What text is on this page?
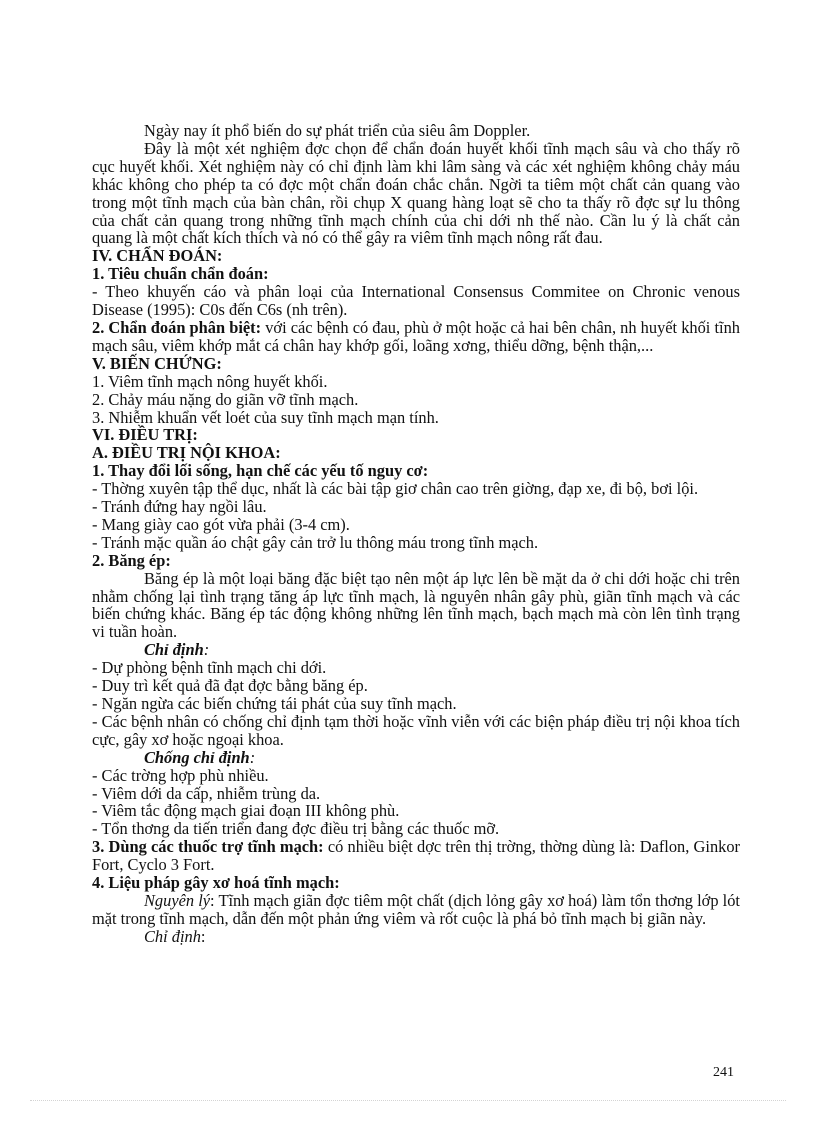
Ngày nay ít phổ biến do sự phát triển của siêu âm Doppler.

Đây là một xét nghiệm đợc chọn để chẩn đoán huyết khối tĩnh mạch sâu và cho thấy rõ cục huyết khối. Xét nghiệm này có chỉ định làm khi lâm sàng và các xét nghiệm không chảy máu khác không cho phép ta có đợc một chẩn đoán chắc chắn. Ngời ta tiêm một chất cản quang vào trong một tĩnh mạch của bàn chân, rồi chụp X quang hàng loạt sẽ cho ta thấy rõ đợc sự lu thông của chất cản quang trong những tĩnh mạch chính của chi dới nh thế nào. Cần lu ý là chất cản quang là một chất kích thích và nó có thể gây ra viêm tĩnh mạch nông rất đau.

IV. CHẨN ĐOÁN:

1. Tiêu chuẩn chẩn đoán:

- Theo khuyến cáo và phân loại của International Consensus Commitee on Chronic venous Disease (1995): C0s đến C6s (nh trên).

2. Chẩn đoán phân biệt: với các bệnh có đau, phù ở một hoặc cả hai bên chân, nh huyết khối tĩnh mạch sâu, viêm khớp mắt cá chân hay khớp gối, loãng xơng, thiểu dỡng, bệnh thận,...

V. BIẾN CHỨNG:

1. Viêm tĩnh mạch nông huyết khối.

2. Chảy máu nặng do giãn vỡ tĩnh mạch.

3. Nhiễm khuẩn vết loét của suy tĩnh mạch mạn tính.

VI. ĐIỀU TRỊ:

A. ĐIỀU TRỊ NỘI KHOA:

1. Thay đổi lối sống, hạn chế các yếu tố nguy cơ:

- Thờng xuyên tập thể dục, nhất là các bài tập giơ chân cao trên giờng, đạp xe, đi bộ, bơi lội.

- Tránh đứng hay ngồi lâu.

- Mang giày cao gót vừa phải (3-4 cm).

- Tránh mặc quần áo chật gây cản trở lu thông máu trong tĩnh mạch.

2. Băng ép:

Băng ép là một loại băng đặc biệt tạo nên một áp lực lên bề mặt da ở chi dới hoặc chi trên nhằm chống lại tình trạng tăng áp lực tĩnh mạch, là nguyên nhân gây phù, giãn tĩnh mạch và các biến chứng khác. Băng ép tác động không những lên tĩnh mạch, bạch mạch mà còn lên tình trạng vi tuần hoàn.

Chỉ định:

- Dự phòng bệnh tĩnh mạch chi dới.

- Duy trì kết quả đã đạt đợc bằng băng ép.

- Ngăn ngừa các biến chứng tái phát của suy tĩnh mạch.

- Các bệnh nhân có chống chỉ định tạm thời hoặc vĩnh viễn với các biện pháp điều trị nội khoa tích cực, gây xơ hoặc ngoại khoa.

Chống chỉ định:

- Các trờng hợp phù nhiều.

- Viêm dới da cấp, nhiễm trùng da.

- Viêm tắc động mạch giai đoạn III không phù.

- Tổn thơng da tiến triển đang đợc điều trị bằng các thuốc mỡ.

3. Dùng các thuốc trợ tĩnh mạch: có nhiều biệt dợc trên thị trờng, thờng dùng là: Daflon, Ginkor Fort, Cyclo 3 Fort.

4. Liệu pháp gây xơ hoá tĩnh mạch:

Nguyên lý: Tĩnh mạch giãn đợc tiêm một chất (dịch lỏng gây xơ hoá) làm tổn thơng lớp lót mặt trong tĩnh mạch, dẫn đến một phản ứng viêm và rốt cuộc là phá bỏ tĩnh mạch bị giãn này.

Chỉ định:

241
